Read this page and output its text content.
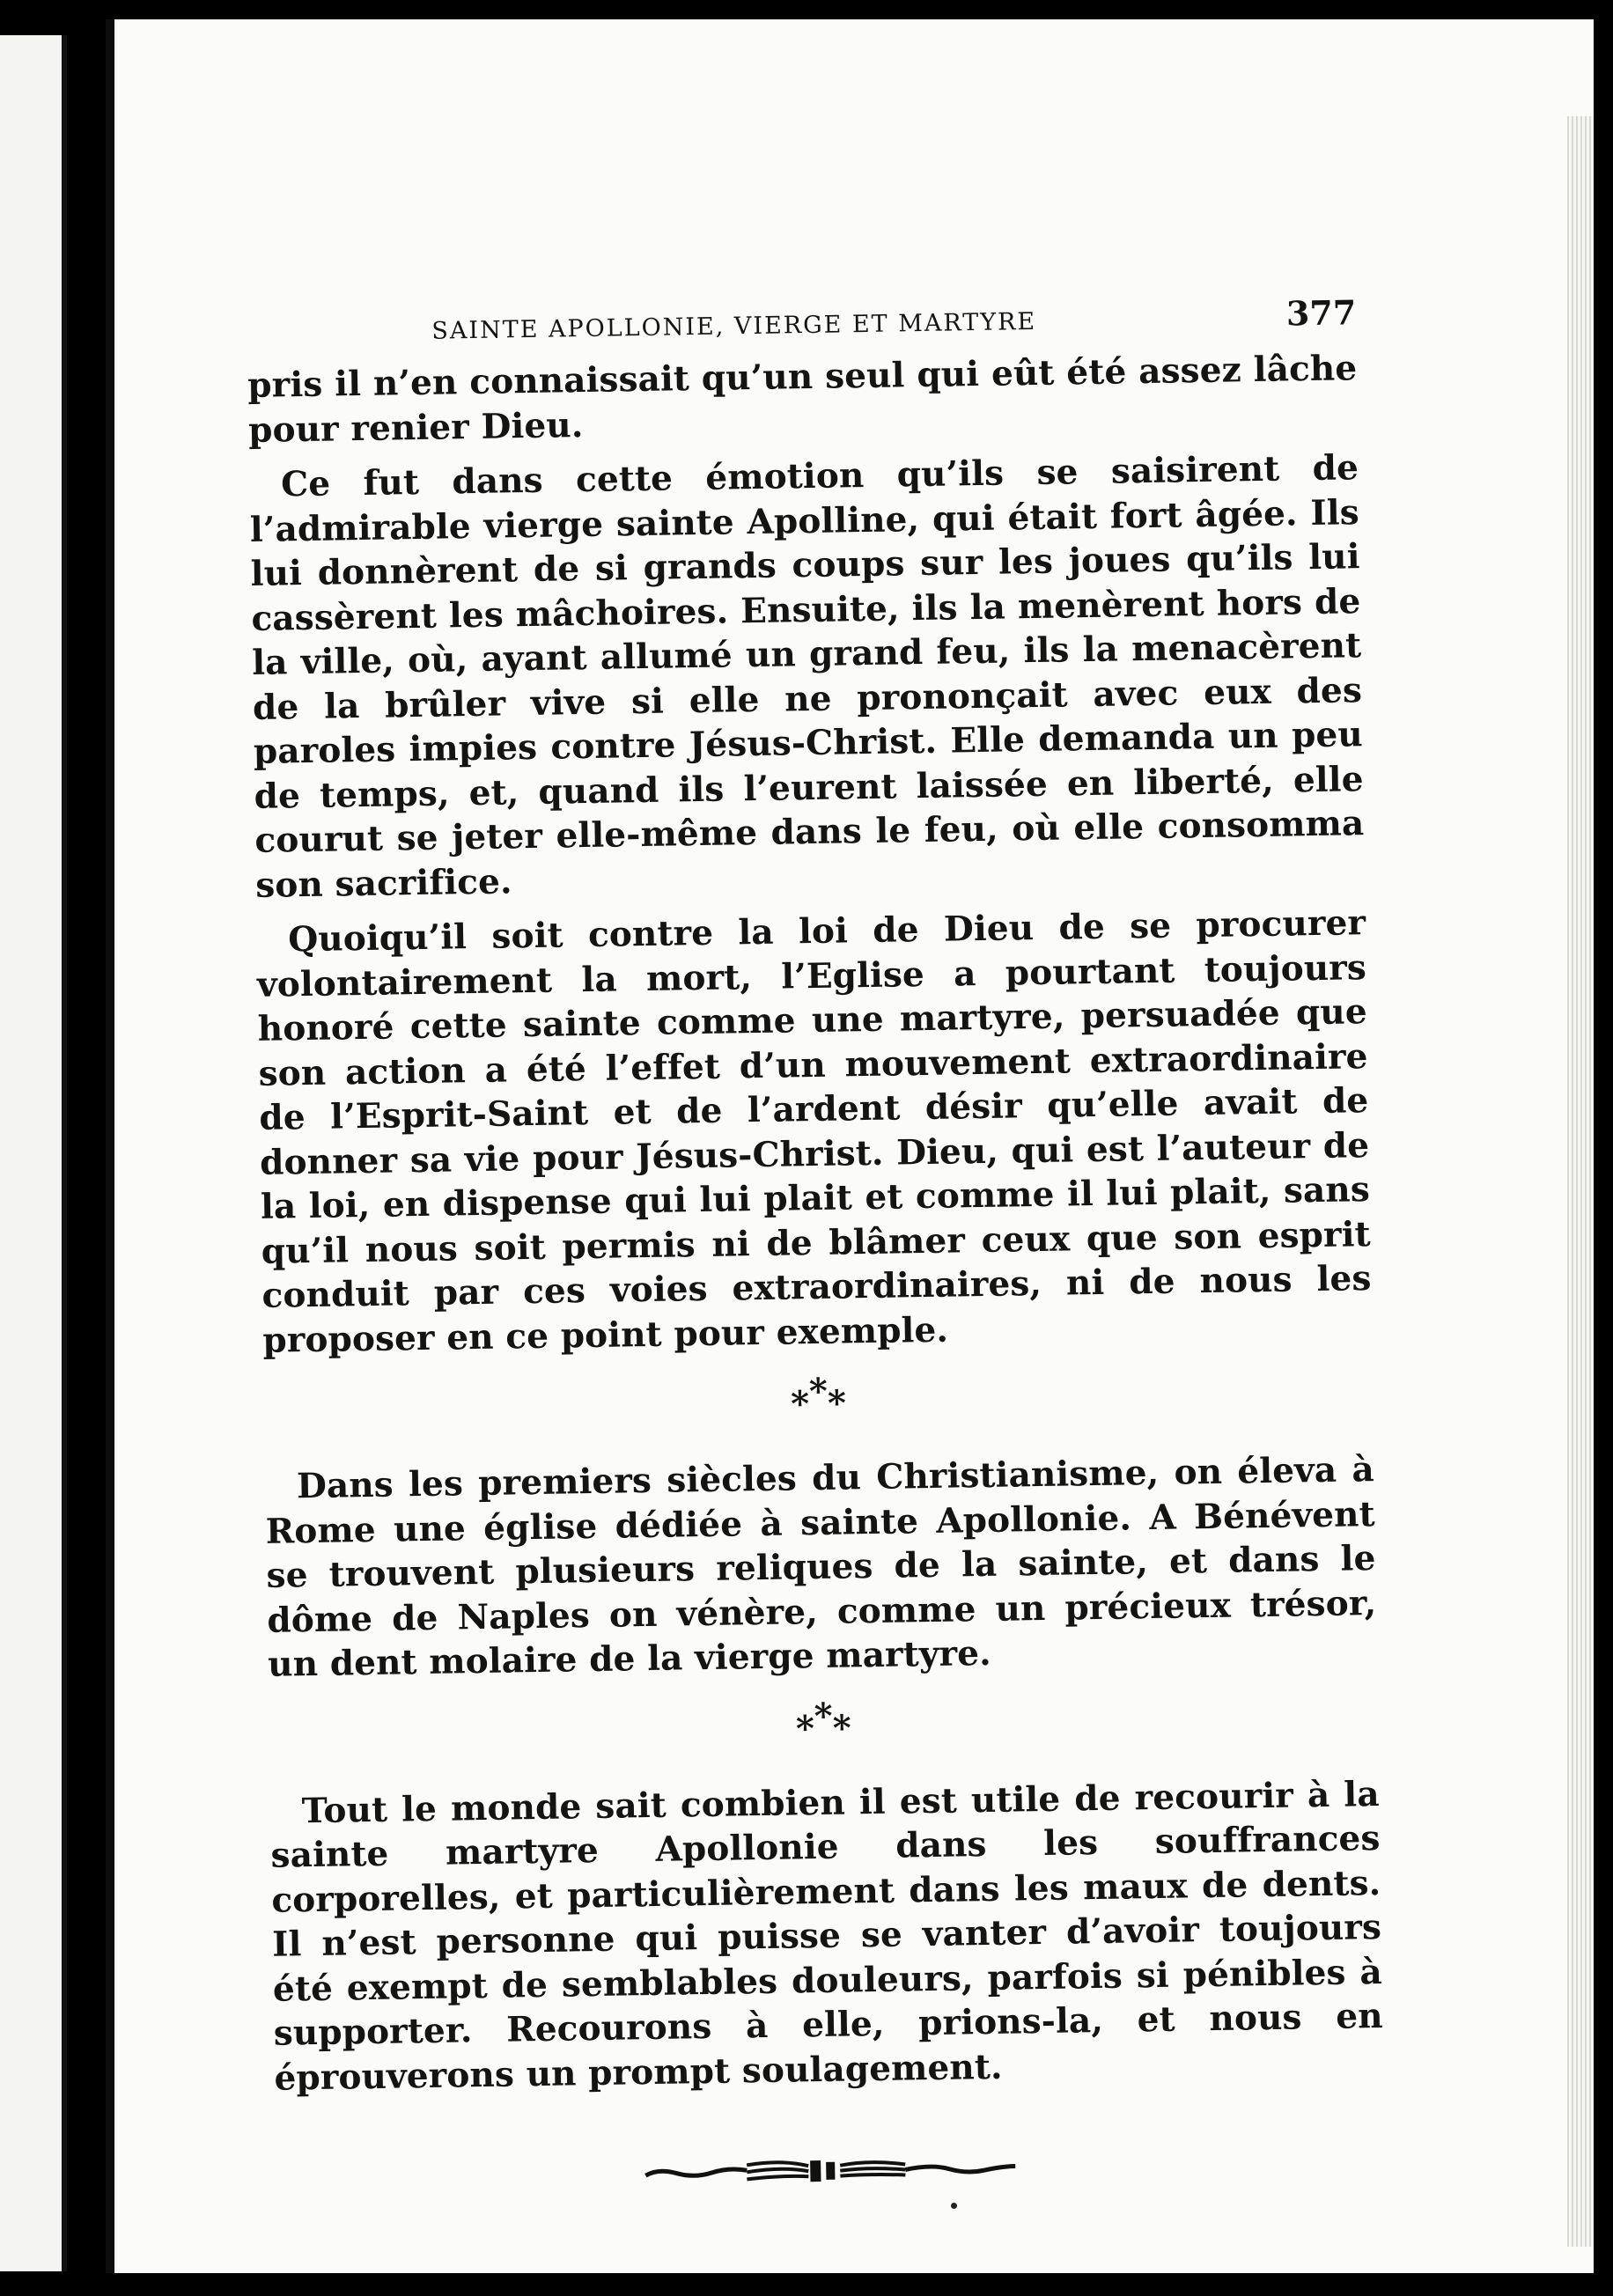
SAINTE APOLLONIE, VIERGE ET MARTYRE	377

pris il n’en connaissait qu’un seul qui eût été assez lâche pour renier Dieu.

Ce fut dans cette émotion qu’ils se saisirent de l’admirable vierge sainte Apolline, qui était fort âgée. Ils lui donnèrent de si grands coups sur les joues qu’ils lui cassèrent les mâchoires. Ensuite, ils la menèrent hors de la ville, où, ayant allumé un grand feu, ils la menacèrent de la brûler vive si elle ne prononçait avec eux des paroles impies contre Jésus-Christ. Elle demanda un peu de temps, et, quand ils l’eurent laissée en liberté, elle courut se jeter elle-même dans le feu, où elle consomma son sacrifice.

Quoiqu’il soit contre la loi de Dieu de se procurer volontairement la mort, l’Eglise a pourtant toujours honoré cette sainte comme une martyre, persuadée que son action a été l’effet d’un mouvement extraordinaire de l’Esprit-Saint et de l’ardent désir qu’elle avait de donner sa vie pour Jésus-Christ. Dieu, qui est l’auteur de la loi, en dispense qui lui plait et comme il lui plait, sans qu’il nous soit permis ni de blâmer ceux que son esprit conduit par ces voies extraordinaires, ni de nous les proposer en ce point pour exemple.

***

Dans les premiers siècles du Christianisme, on éleva à Rome une église dédiée à sainte Apollonie. A Bénévent se trouvent plusieurs reliques de la sainte, et dans le dôme de Naples on vénère, comme un précieux trésor, un dent molaire de la vierge martyre.

***

Tout le monde sait combien il est utile de recourir à la sainte martyre Apollonie dans les souffrances corporelles, et particulièrement dans les maux de dents. Il n’est personne qui puisse se vanter d’avoir toujours été exempt de semblables douleurs, parfois si pénibles à supporter. Recourons à elle, prions-la, et nous en éprouverons un prompt soulagement.
